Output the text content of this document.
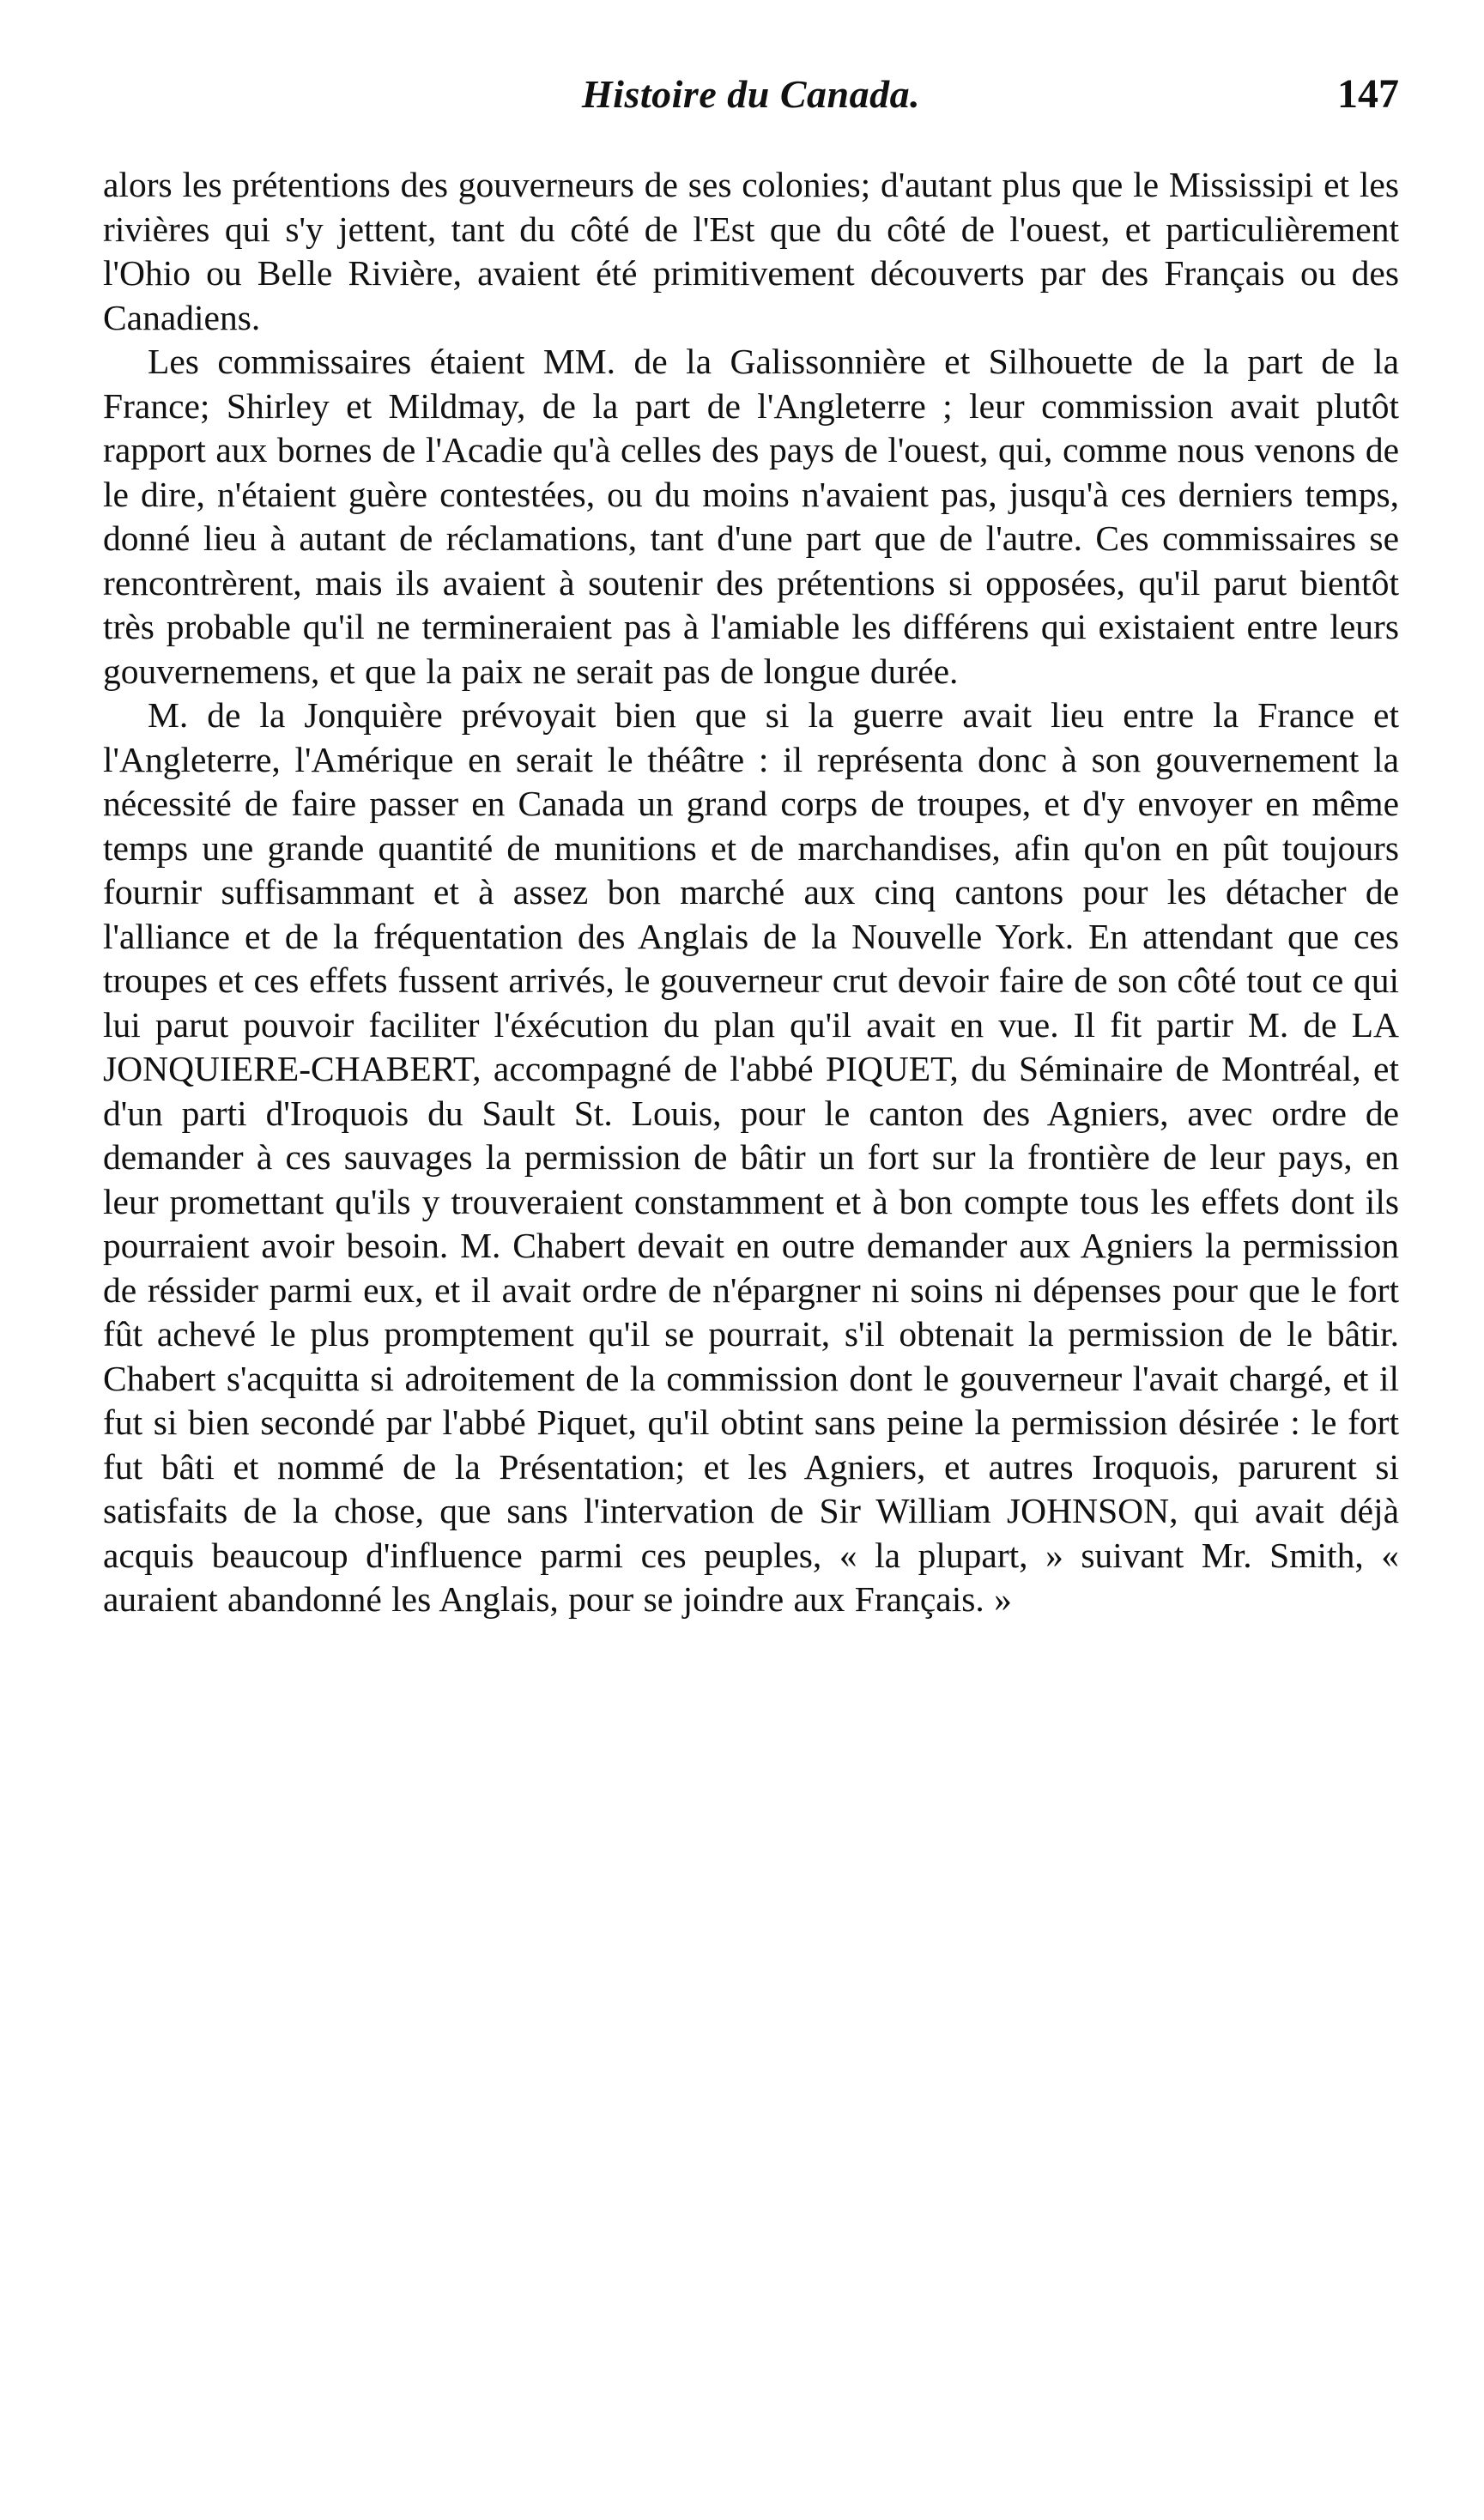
Histoire du Canada.	147

alors les prétentions des gouverneurs de ses colonies; d'autant plus que le Mississipi et les rivières qui s'y jettent, tant du côté de l'Est que du côté de l'ouest, et particulièrement l'Ohio ou Belle Rivière, avaient été primitivement découverts par des Français ou des Canadiens.

Les commissaires étaient MM. de la Galissonnière et Silhouette de la part de la France; Shirley et Mildmay, de la part de l'Angleterre ; leur commission avait plutôt rapport aux bornes de l'Acadie qu'à celles des pays de l'ouest, qui, comme nous venons de le dire, n'étaient guère contestées, ou du moins n'avaient pas, jusqu'à ces derniers temps, donné lieu à autant de réclamations, tant d'une part que de l'autre. Ces commissaires se rencontrèrent, mais ils avaient à soutenir des prétentions si opposées, qu'il parut bientôt très probable qu'il ne termineraient pas à l'amiable les différens qui existaient entre leurs gouvernemens, et que la paix ne serait pas de longue durée.

M. de la Jonquière prévoyait bien que si la guerre avait lieu entre la France et l'Angleterre, l'Amérique en serait le théâtre : il représenta donc à son gouvernement la nécessité de faire passer en Canada un grand corps de troupes, et d'y envoyer en même temps une grande quantité de munitions et de marchandises, afin qu'on en pût toujours fournir suffisammant et à assez bon marché aux cinq cantons pour les détacher de l'alliance et de la fréquentation des Anglais de la Nouvelle York. En attendant que ces troupes et ces effets fussent arrivés, le gouverneur crut devoir faire de son côté tout ce qui lui parut pouvoir faciliter l'éxécution du plan qu'il avait en vue. Il fit partir M. de LA JONQUIERE-CHABERT, accompagné de l'abbé PIQUET, du Séminaire de Montréal, et d'un parti d'Iroquois du Sault St. Louis, pour le canton des Agniers, avec ordre de demander à ces sauvages la permission de bâtir un fort sur la frontière de leur pays, en leur promettant qu'ils y trouveraient constamment et à bon compte tous les effets dont ils pourraient avoir besoin. M. Chabert devait en outre demander aux Agniers la permission de réssider parmi eux, et il avait ordre de n'épargner ni soins ni dépenses pour que le fort fût achevé le plus promptement qu'il se pourrait, s'il obtenait la permission de le bâtir. Chabert s'acquitta si adroitement de la commission dont le gouverneur l'avait chargé, et il fut si bien secondé par l'abbé Piquet, qu'il obtint sans peine la permission désirée : le fort fut bâti et nommé de la Présentation; et les Agniers, et autres Iroquois, parurent si satisfaits de la chose, que sans l'intervation de Sir William JOHNSON, qui avait déjà acquis beaucoup d'influence parmi ces peuples, « la plupart, » suivant Mr. Smith, « auraient abandonné les Anglais, pour se joindre aux Français. »
